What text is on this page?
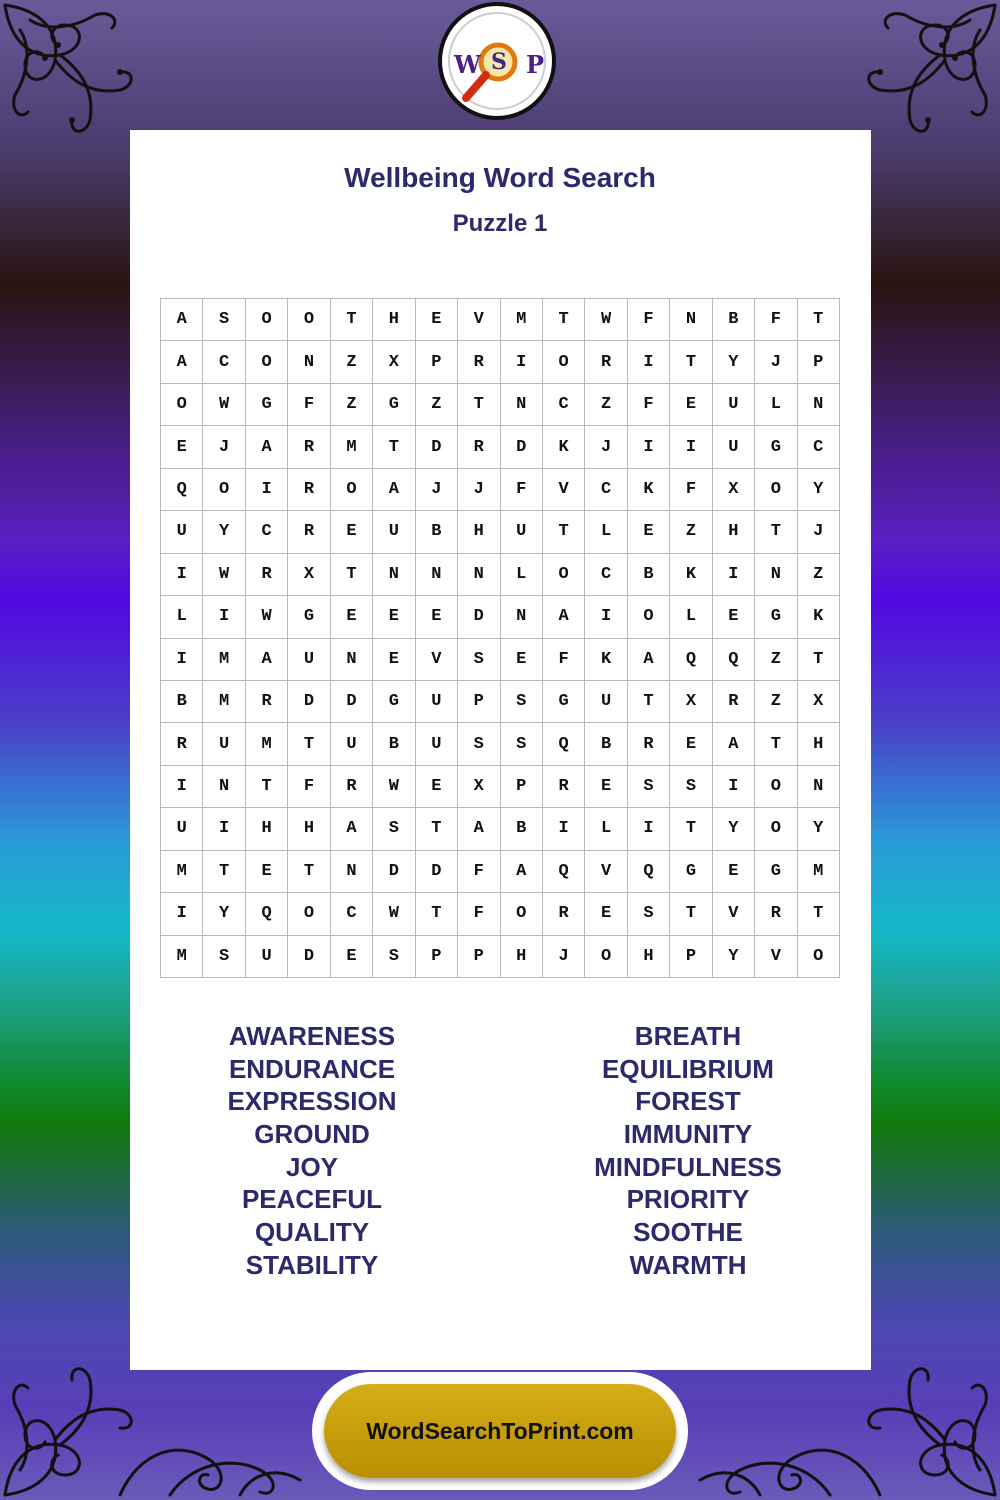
W S P
Wellbeing Word Search
Puzzle 1
A	S	O	O	T	H	E	V	M	T	W	F	N	B	F	T
A	C	O	N	Z	X	P	R	I	O	R	I	T	Y	J	P
O	W	G	F	Z	G	Z	T	N	C	Z	F	E	U	L	N
E	J	A	R	M	T	D	R	D	K	J	I	I	U	G	C
Q	O	I	R	O	A	J	J	F	V	C	K	F	X	O	Y
U	Y	C	R	E	U	B	H	U	T	L	E	Z	H	T	J
I	W	R	X	T	N	N	N	L	O	C	B	K	I	N	Z
L	I	W	G	E	E	E	D	N	A	I	O	L	E	G	K
I	M	A	U	N	E	V	S	E	F	K	A	Q	Q	Z	T
B	M	R	D	D	G	U	P	S	G	U	T	X	R	Z	X
R	U	M	T	U	B	U	S	S	Q	B	R	E	A	T	H
I	N	T	F	R	W	E	X	P	R	E	S	S	I	O	N
U	I	H	H	A	S	T	A	B	I	L	I	T	Y	O	Y
M	T	E	T	N	D	D	F	A	Q	V	Q	G	E	G	M
I	Y	Q	O	C	W	T	F	O	R	E	S	T	V	R	T
M	S	U	D	E	S	P	P	H	J	O	H	P	Y	V	O
AWARENESS
ENDURANCE
EXPRESSION
GROUND
JOY
PEACEFUL
QUALITY
STABILITY
BREATH
EQUILIBRIUM
FOREST
IMMUNITY
MINDFULNESS
PRIORITY
SOOTHE
WARMTH
WordSearchToPrint.com
